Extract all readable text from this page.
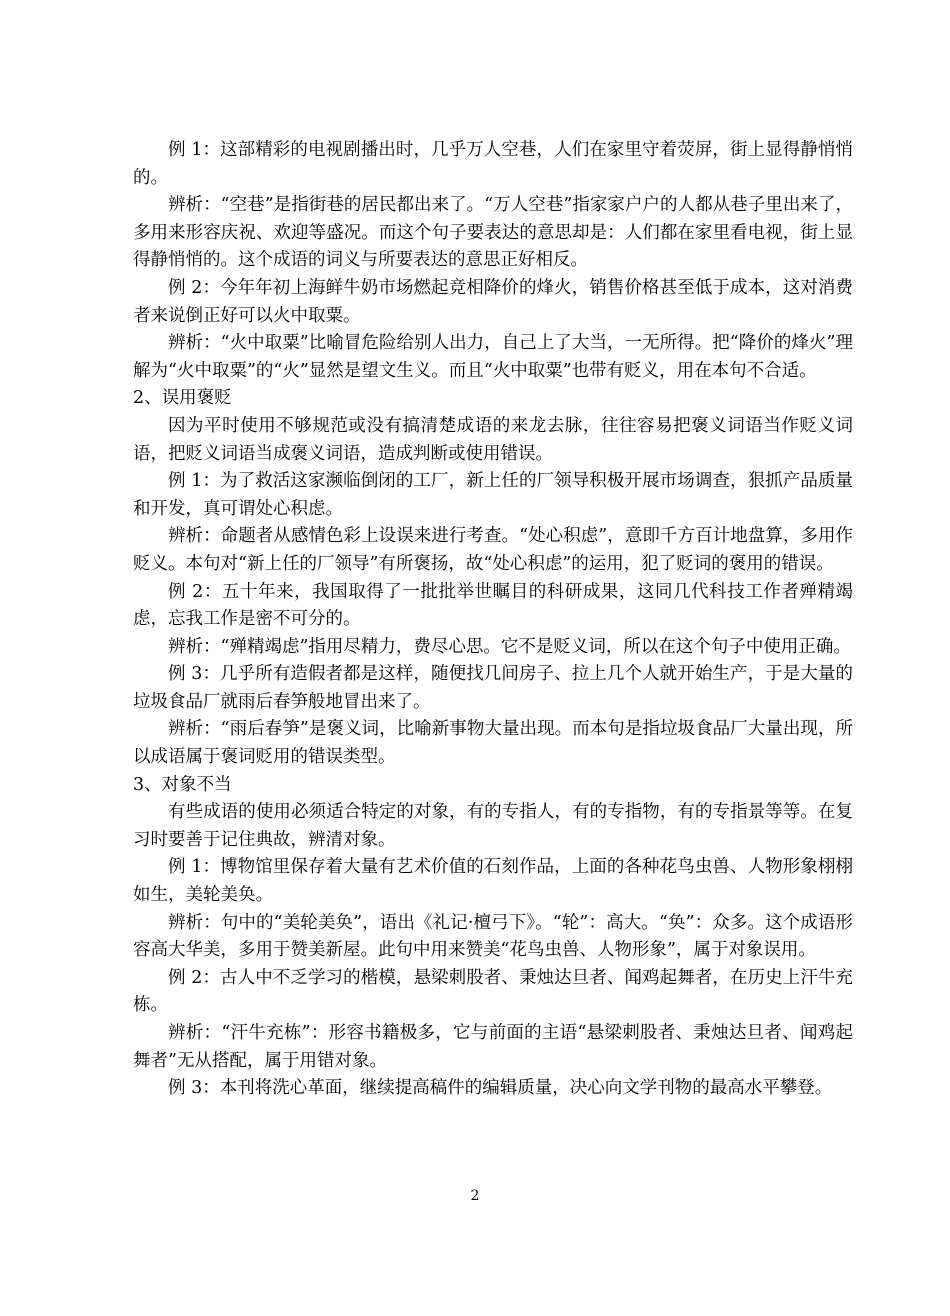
例 1：这部精彩的电视剧播出时，几乎万人空巷，人们在家里守着荧屏，街上显得静悄悄的。

辨析：“空巷”是指街巷的居民都出来了。“万人空巷”指家家户户的人都从巷子里出来了，多用来形容庆祝、欢迎等盛况。而这个句子要表达的意思却是：人们都在家里看电视，街上显得静悄悄的。这个成语的词义与所要表达的意思正好相反。

例 2：今年年初上海鲜牛奶市场燃起竞相降价的烽火，销售价格甚至低于成本，这对消费者来说倒正好可以火中取粟。

辨析：“火中取粟”比喻冒危险给别人出力，自己上了大当，一无所得。把“降价的烽火”理解为“火中取粟”的“火”显然是望文生义。而且“火中取粟”也带有贬义，用在本句不合适。

2、误用褒贬

因为平时使用不够规范或没有搞清楚成语的来龙去脉，往往容易把褒义词语当作贬义词语，把贬义词语当成褒义词语，造成判断或使用错误。

例 1：为了救活这家濒临倒闭的工厂，新上任的厂领导积极开展市场调查，狠抓产品质量和开发，真可谓处心积虑。

辨析：命题者从感情色彩上设误来进行考查。“处心积虑”，意即千方百计地盘算，多用作贬义。本句对“新上任的厂领导”有所褒扬，故“处心积虑”的运用，犯了贬词的褒用的错误。

例 2：五十年来，我国取得了一批批举世瞩目的科研成果，这同几代科技工作者殚精竭虑，忘我工作是密不可分的。

辨析：“殚精竭虑”指用尽精力，费尽心思。它不是贬义词，所以在这个句子中使用正确。

例 3：几乎所有造假者都是这样，随便找几间房子、拉上几个人就开始生产，于是大量的垃圾食品厂就雨后春笋般地冒出来了。

辨析：“雨后春笋”是褒义词，比喻新事物大量出现。而本句是指垃圾食品厂大量出现，所以成语属于褒词贬用的错误类型。

3、对象不当

有些成语的使用必须适合特定的对象，有的专指人，有的专指物，有的专指景等等。在复习时要善于记住典故，辨清对象。

例 1：博物馆里保存着大量有艺术价值的石刻作品，上面的各种花鸟虫兽、人物形象栩栩如生，美轮美奂。

辨析：句中的“美轮美奂”，语出《礼记·檀弓下》。“轮”：高大。“奂”：众多。这个成语形容高大华美，多用于赞美新屋。此句中用来赞美“花鸟虫兽、人物形象”，属于对象误用。

例 2：古人中不乏学习的楷模，悬梁刺股者、秉烛达旦者、闻鸡起舞者，在历史上汗牛充栋。

辨析：“汗牛充栋”：形容书籍极多，它与前面的主语“悬梁刺股者、秉烛达旦者、闻鸡起舞者”无从搭配，属于用错对象。

例 3：本刊将洗心革面，继续提高稿件的编辑质量，决心向文学刊物的最高水平攀登。

2
